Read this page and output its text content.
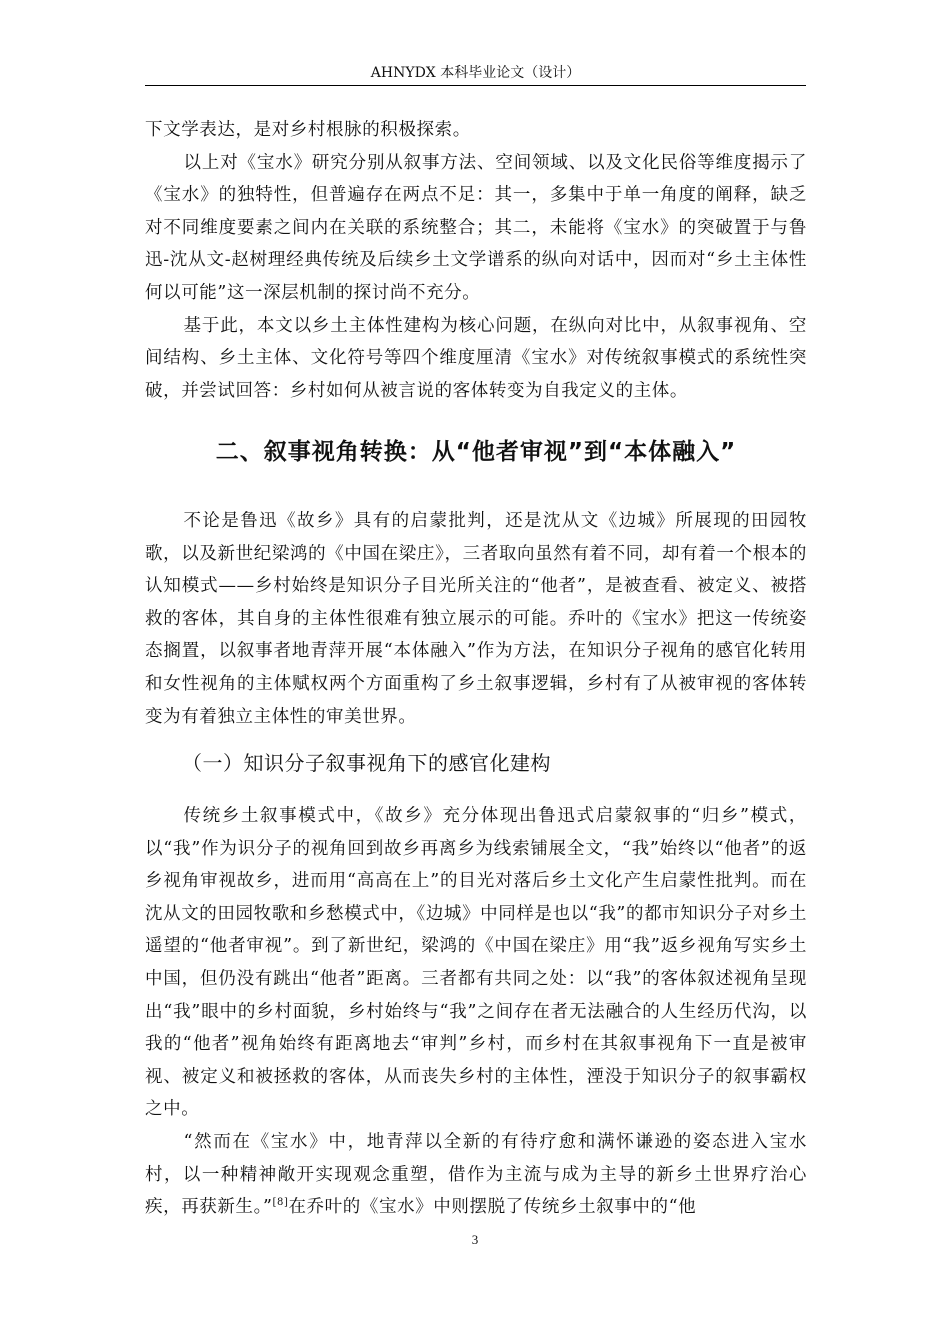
AHNYDX 本科毕业论文（设计）

下文学表达，是对乡村根脉的积极探索。

以上对《宝水》研究分别从叙事方法、空间领域、以及文化民俗等维度揭示了《宝水》的独特性，但普遍存在两点不足：其一，多集中于单一角度的阐释，缺乏对不同维度要素之间内在关联的系统整合；其二，未能将《宝水》的突破置于与鲁迅-沈从文-赵树理经典传统及后续乡土文学谱系的纵向对话中，因而对“乡土主体性何以可能”这一深层机制的探讨尚不充分。

基于此，本文以乡土主体性建构为核心问题，在纵向对比中，从叙事视角、空间结构、乡土主体、文化符号等四个维度厘清《宝水》对传统叙事模式的系统性突破，并尝试回答：乡村如何从被言说的客体转变为自我定义的主体。

二、叙事视角转换：从“他者审视”到“本体融入”

不论是鲁迅《故乡》具有的启蒙批判，还是沈从文《边城》所展现的田园牧歌，以及新世纪梁鸿的《中国在梁庄》，三者取向虽然有着不同，却有着一个根本的认知模式——乡村始终是知识分子目光所关注的“他者”，是被查看、被定义、被搭救的客体，其自身的主体性很难有独立展示的可能。乔叶的《宝水》把这一传统姿态搁置，以叙事者地青萍开展“本体融入”作为方法，在知识分子视角的感官化转用和女性视角的主体赋权两个方面重构了乡土叙事逻辑，乡村有了从被审视的客体转变为有着独立主体性的审美世界。

（一）知识分子叙事视角下的感官化建构

传统乡土叙事模式中，《故乡》充分体现出鲁迅式启蒙叙事的“归乡”模式，以“我”作为识分子的视角回到故乡再离乡为线索铺展全文，“我”始终以“他者”的返乡视角审视故乡，进而用“高高在上”的目光对落后乡土文化产生启蒙性批判。而在沈从文的田园牧歌和乡愁模式中，《边城》中同样是也以“我”的都市知识分子对乡土遥望的“他者审视”。到了新世纪，梁鸿的《中国在梁庄》用“我”返乡视角写实乡土中国，但仍没有跳出“他者”距离。三者都有共同之处：以“我”的客体叙述视角呈现出“我”眼中的乡村面貌，乡村始终与“我”之间存在者无法融合的人生经历代沟，以我的“他者”视角始终有距离地去“审判”乡村，而乡村在其叙事视角下一直是被审视、被定义和被拯救的客体，从而丧失乡村的主体性，湮没于知识分子的叙事霸权之中。

“然而在《宝水》中，地青萍以全新的有待疗愈和满怀谦逊的姿态进入宝水村，以一种精神敞开实现观念重塑，借作为主流与成为主导的新乡土世界疗治心疾，再获新生。”[8]在乔叶的《宝水》中则摆脱了传统乡土叙事中的“他

3
